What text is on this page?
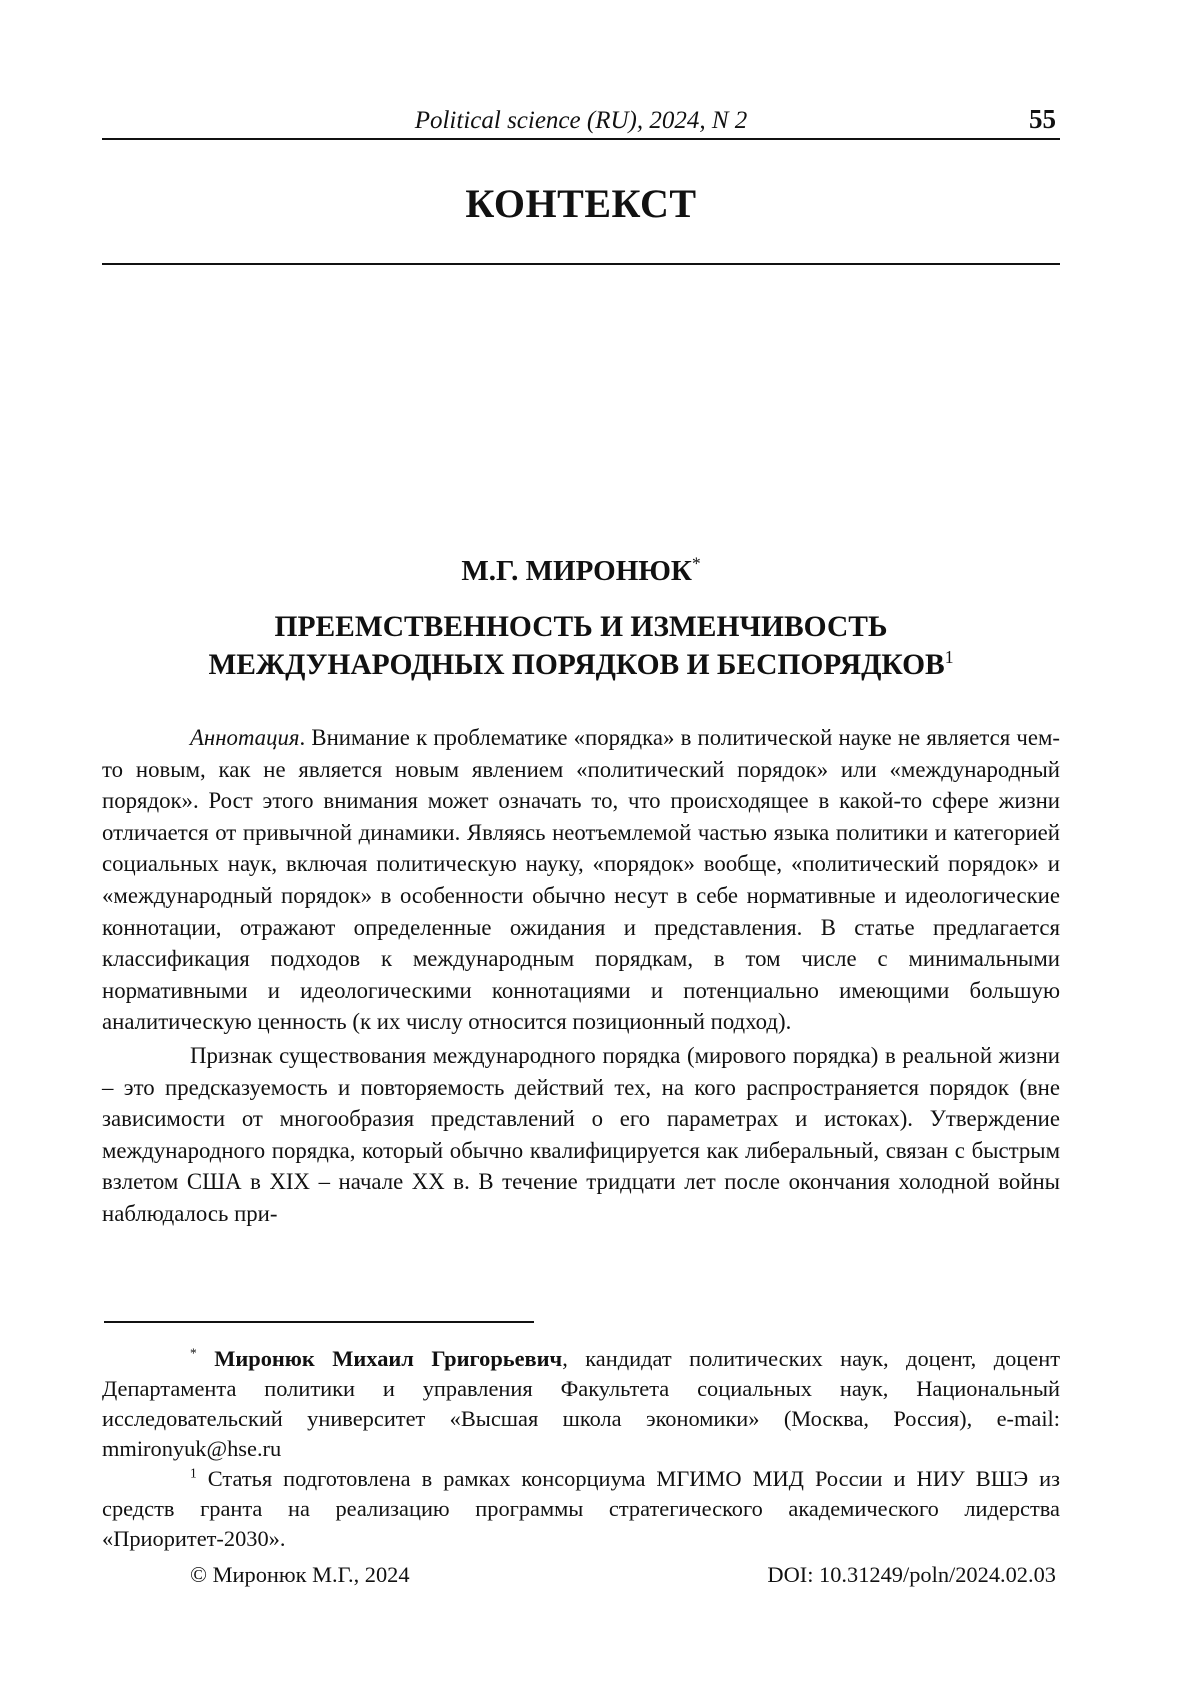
Political science (RU), 2024, N 2	55
КОНТЕКСТ
М.Г. МИРОНЮК*
ПРЕЕМСТВЕННОСТЬ И ИЗМЕНЧИВОСТЬ
МЕЖДУНАРОДНЫХ ПОРЯДКОВ И БЕСПОРЯДКОВ$^1$

Аннотация. Внимание к проблематике «порядка» в политической науке не является чем-то новым, как не является новым явлением «политический порядок» или «международный порядок». Рост этого внимания может означать то, что происходящее в какой-то сфере жизни отличается от привычной динамики. Являясь неотъемлемой частью языка политики и категорией социальных наук, включая политическую науку, «порядок» вообще, «политический порядок» и «международный порядок» в особенности обычно несут в себе нормативные и идеологические коннотации, отражают определенные ожидания и представления. В статье предлагается классификация подходов к международным порядкам, в том числе с минимальными нормативными и идеологическими коннотациями и потенциально имеющими большую аналитическую ценность (к их числу относится позиционный подход).

Признак существования международного порядка (мирового порядка) в реальной жизни – это предсказуемость и повторяемость действий тех, на кого распространяется порядок (вне зависимости от многообразия представлений о его параметрах и истоках). Утверждение международного порядка, который обычно квалифицируется как либеральный, связан с быстрым взлетом США в XIX – начале XX в. В течение тридцати лет после окончания холодной войны наблюдалось при-

* Миронюк Михаил Григорьевич, кандидат политических наук, доцент, доцент Департамента политики и управления Факультета социальных наук, Национальный исследовательский университет «Высшая школа экономики» (Москва, Россия), e-mail: mmironyuk@hse.ru

$^1$ Статья подготовлена в рамках консорциума МГИМО МИД России и НИУ ВШЭ из средств гранта на реализацию программы стратегического академического лидерства «Приоритет-2030».

© Миронюк М.Г., 2024	DOI: 10.31249/poln/2024.02.03
